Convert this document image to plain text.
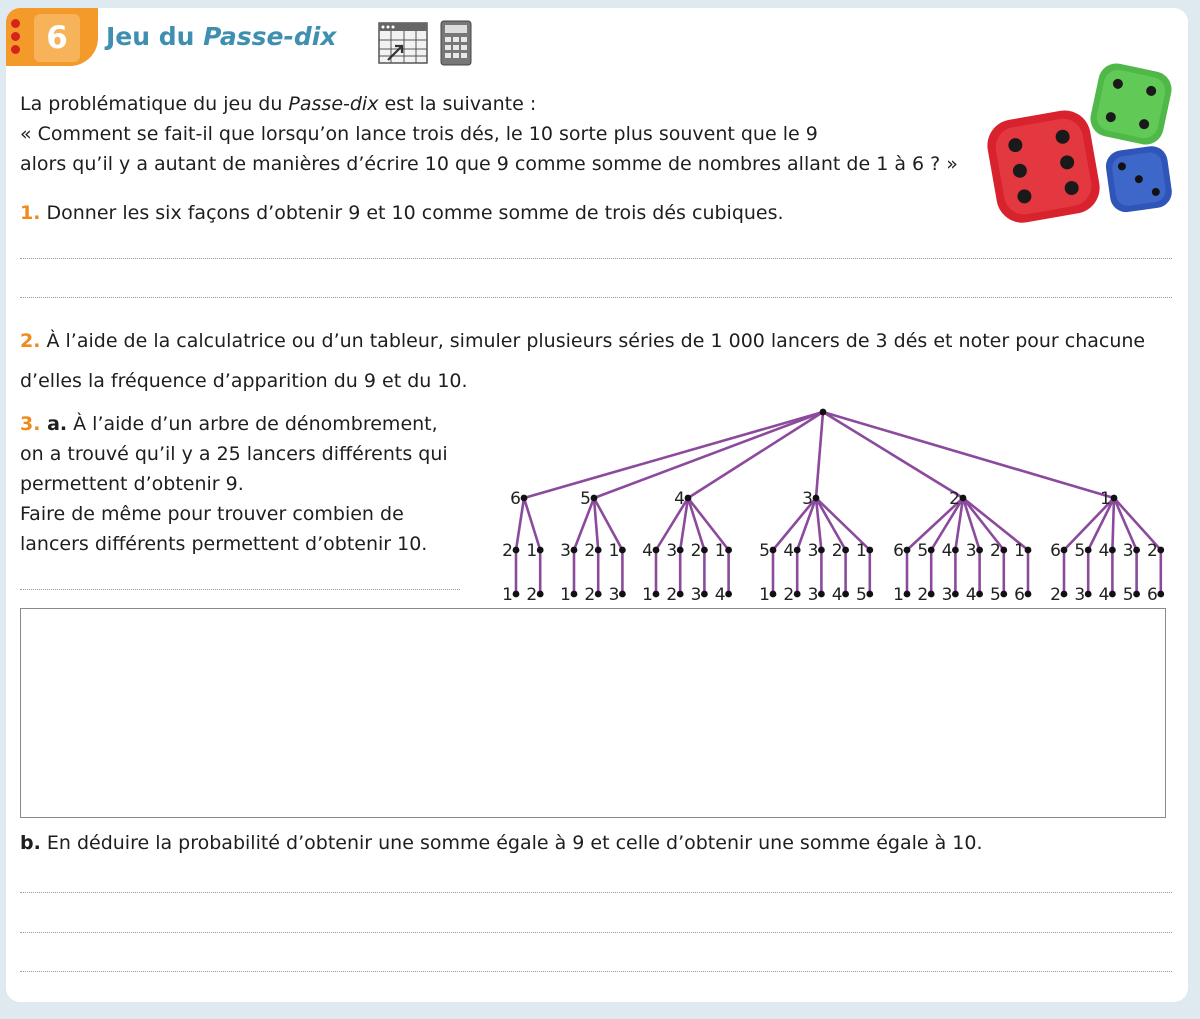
6	Jeu du Passe-dix

La problématique du jeu du Passe-dix est la suivante :

« Comment se fait-il que lorsqu’on lance trois dés, le 10 sorte plus souvent que le 9

alors qu’il y a autant de manières d’écrire 10 que 9 comme somme de nombres allant de 1 à 6 ? »

1. Donner les six façons d’obtenir 9 et 10 comme somme de trois dés cubiques.

2. À l’aide de la calculatrice ou d’un tableur, simuler plusieurs séries de 1 000 lancers de 3 dés et noter pour chacune

d’elles la fréquence d’apparition du 9 et du 10.

3. a. À l’aide d’un arbre de dénombrement,

on a trouvé qu’il y a 25 lancers différents qui

permettent d’obtenir 9.

Faire de même pour trouver combien de

lancers différents permettent d’obtenir 10.

6
2
1
1
2
5
3
1
2
2
1
3
4
4
1
3
2
2
3
1
4
3
5
1
4
2
3
3
2
4
1
5
2
6
1
5
2
4
3
3
4
2
5
1
6
1
6
2
5
3
4
4
3
5
2
6

b. En déduire la probabilité d’obtenir une somme égale à 9 et celle d’obtenir une somme égale à 10.
